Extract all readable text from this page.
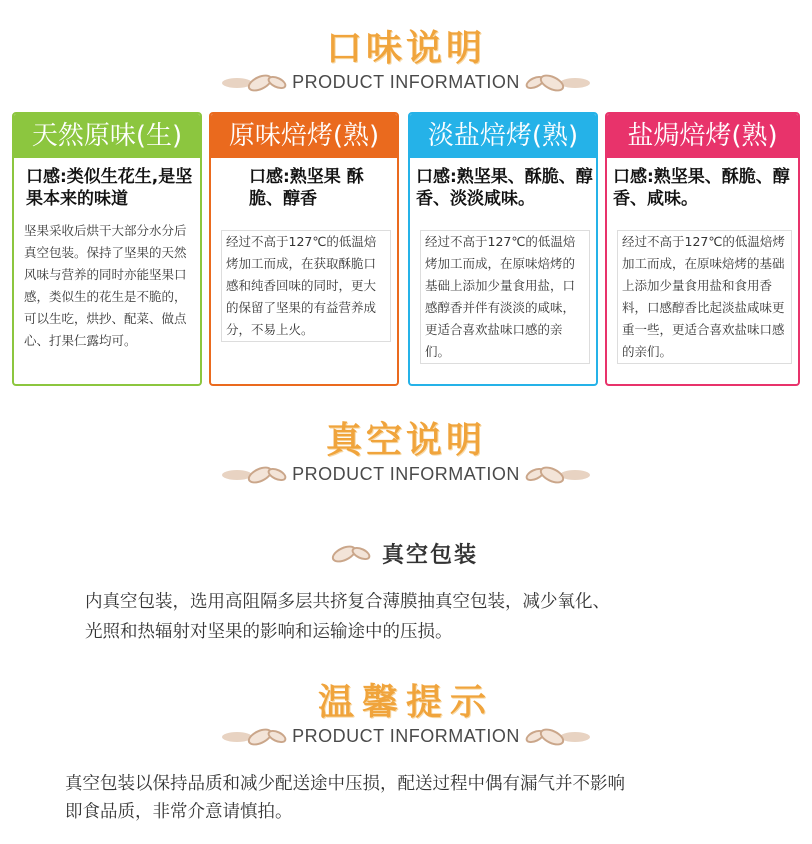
口味说明
PRODUCT INFORMATION
天然原味(生)
口感:类似生花生,是坚果本来的味道
坚果采收后烘干大部分水分后真空包装。保持了坚果的天然风味与营养的同时亦能坚果口感，类似生的花生是不脆的，可以生吃，烘抄、配菜、做点心、打果仁露均可。
原味焙烤(熟)
口感:熟坚果 酥脆、醇香
经过不高于127℃的低温焙烤加工而成，在获取酥脆口感和纯香回味的同时，更大的保留了坚果的有益营养成分，不易上火。
淡盐焙烤(熟)
口感:熟坚果、酥脆、醇香、淡淡咸味。
经过不高于127℃的低温焙烤加工而成，在原味焙烤的基础上添加少量食用盐，口感醇香并伴有淡淡的咸味，更适合喜欢盐味口感的亲们。
盐焗焙烤(熟)
口感:熟坚果、酥脆、醇香、咸味。
经过不高于127℃的低温焙烤加工而成，在原味焙烤的基础上添加少量食用盐和食用香料，口感醇香比起淡盐咸味更重一些，更适合喜欢盐味口感的亲们。
真空说明
PRODUCT INFORMATION
真空包装
内真空包装，选用高阻隔多层共挤复合薄膜抽真空包装，减少氧化、
光照和热辐射对坚果的影响和运输途中的压损。
温馨提示
PRODUCT INFORMATION
真空包装以保持品质和减少配送途中压损，配送过程中偶有漏气并不影响
即食品质，非常介意请慎拍。
